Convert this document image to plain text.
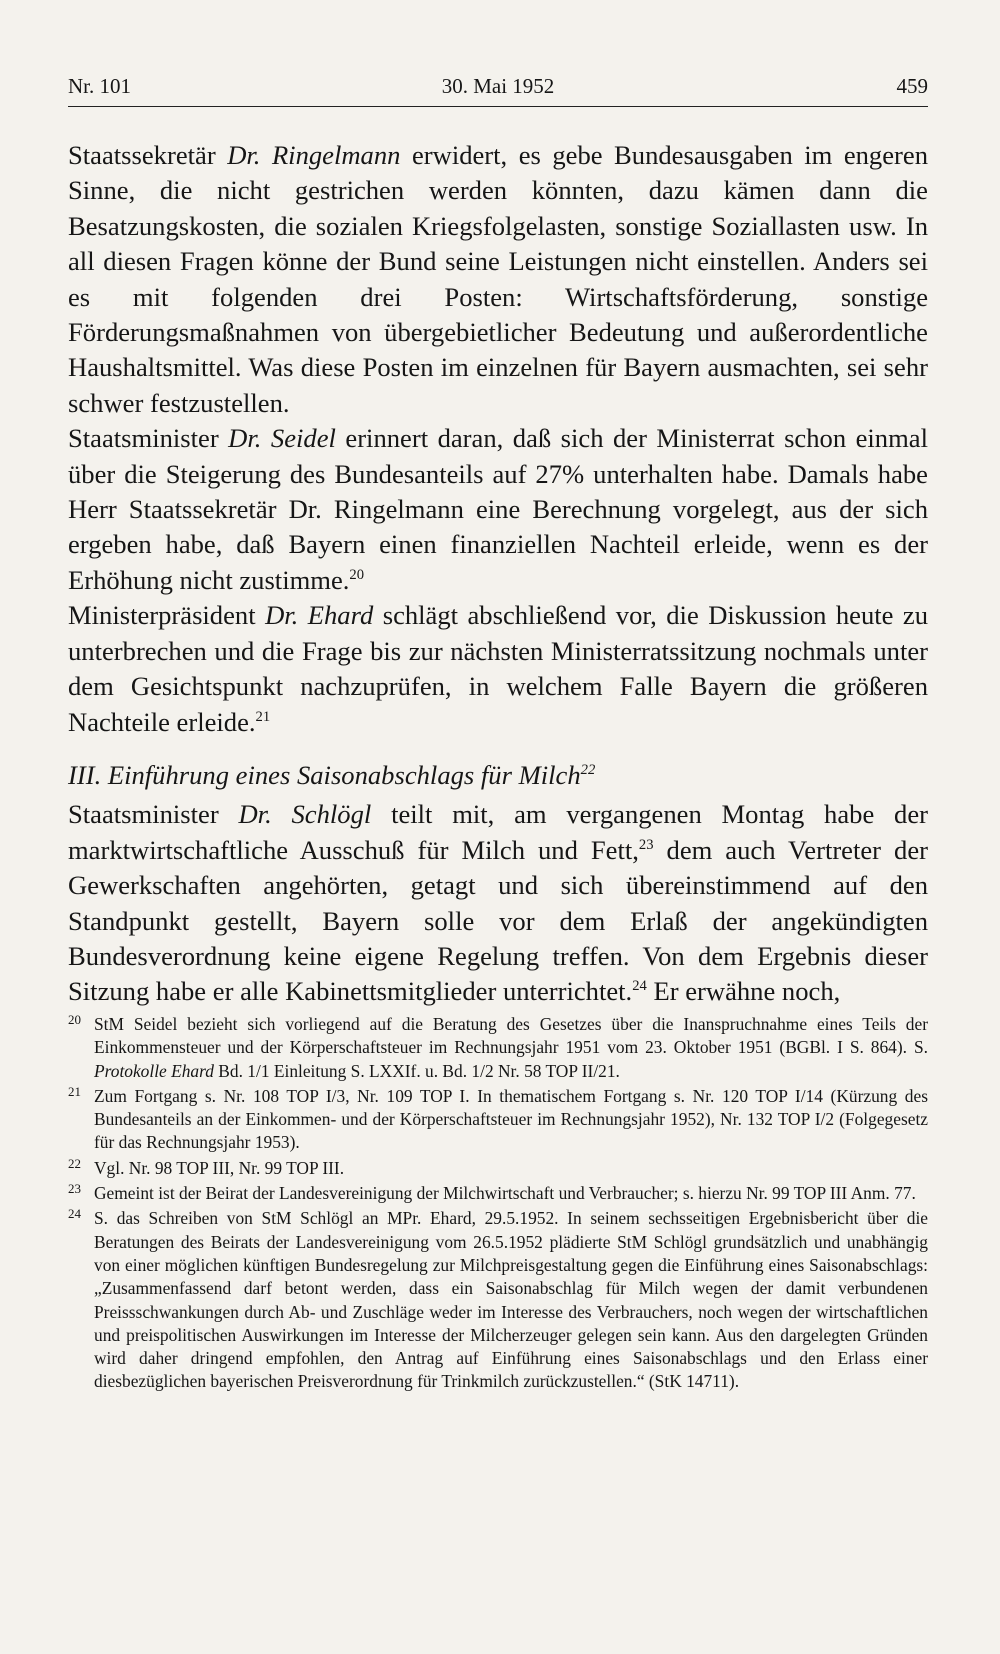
Nr. 101	30. Mai 1952	459

Staatssekretär Dr. Ringelmann erwidert, es gebe Bundesausgaben im engeren Sinne, die nicht gestrichen werden könnten, dazu kämen dann die Besatzungskosten, die sozialen Kriegsfolgelasten, sonstige Soziallasten usw. In all diesen Fragen könne der Bund seine Leistungen nicht einstellen. Anders sei es mit folgenden drei Posten: Wirtschaftsförderung, sonstige Förderungsmaßnahmen von übergebietlicher Bedeutung und außerordentliche Haushaltsmittel. Was diese Posten im einzelnen für Bayern ausmachten, sei sehr schwer festzustellen.

Staatsminister Dr. Seidel erinnert daran, daß sich der Ministerrat schon einmal über die Steigerung des Bundesanteils auf 27% unterhalten habe. Damals habe Herr Staatssekretär Dr. Ringelmann eine Berechnung vorgelegt, aus der sich ergeben habe, daß Bayern einen finanziellen Nachteil erleide, wenn es der Erhöhung nicht zustimme.$^{20}$

Ministerpräsident Dr. Ehard schlägt abschließend vor, die Diskussion heute zu unterbrechen und die Frage bis zur nächsten Ministerratssitzung nochmals unter dem Gesichtspunkt nachzuprüfen, in welchem Falle Bayern die größeren Nachteile erleide.$^{21}$

III. Einführung eines Saisonabschlags für Milch$^{22}$

Staatsminister Dr. Schlögl teilt mit, am vergangenen Montag habe der marktwirtschaftliche Ausschuß für Milch und Fett,$^{23}$ dem auch Vertreter der Gewerkschaften angehörten, getagt und sich übereinstimmend auf den Standpunkt gestellt, Bayern solle vor dem Erlaß der angekündigten Bundesverordnung keine eigene Regelung treffen. Von dem Ergebnis dieser Sitzung habe er alle Kabinettsmitglieder unterrichtet.$^{24}$ Er erwähne noch,

20 StM Seidel bezieht sich vorliegend auf die Beratung des Gesetzes über die Inanspruchnahme eines Teils der Einkommensteuer und der Körperschaftsteuer im Rechnungsjahr 1951 vom 23. Oktober 1951 (BGBl. I S. 864). S. Protokolle Ehard Bd. 1/1 Einleitung S. LXXIf. u. Bd. 1/2 Nr. 58 TOP II/21.
21 Zum Fortgang s. Nr. 108 TOP I/3, Nr. 109 TOP I. In thematischem Fortgang s. Nr. 120 TOP I/14 (Kürzung des Bundesanteils an der Einkommen- und der Körperschaftsteuer im Rechnungsjahr 1952), Nr. 132 TOP I/2 (Folgegesetz für das Rechnungsjahr 1953).
22 Vgl. Nr. 98 TOP III, Nr. 99 TOP III.
23 Gemeint ist der Beirat der Landesvereinigung der Milchwirtschaft und Verbraucher; s. hierzu Nr. 99 TOP III Anm. 77.
24 S. das Schreiben von StM Schlögl an MPr. Ehard, 29.5.1952. In seinem sechsseitigen Ergebnisbericht über die Beratungen des Beirats der Landesvereinigung vom 26.5.1952 plädierte StM Schlögl grundsätzlich und unabhängig von einer möglichen künftigen Bundesregelung zur Milchpreisgestaltung gegen die Einführung eines Saisonabschlags: „Zusammenfassend darf betont werden, dass ein Saisonabschlag für Milch wegen der damit verbundenen Preissschwankungen durch Ab- und Zuschläge weder im Interesse des Verbrauchers, noch wegen der wirtschaftlichen und preispolitischen Auswirkungen im Interesse der Milcherzeuger gelegen sein kann. Aus den dargelegten Gründen wird daher dringend empfohlen, den Antrag auf Einführung eines Saisonabschlags und den Erlass einer diesbezüglichen bayerischen Preisverordnung für Trinkmilch zurückzustellen.“ (StK 14711).
